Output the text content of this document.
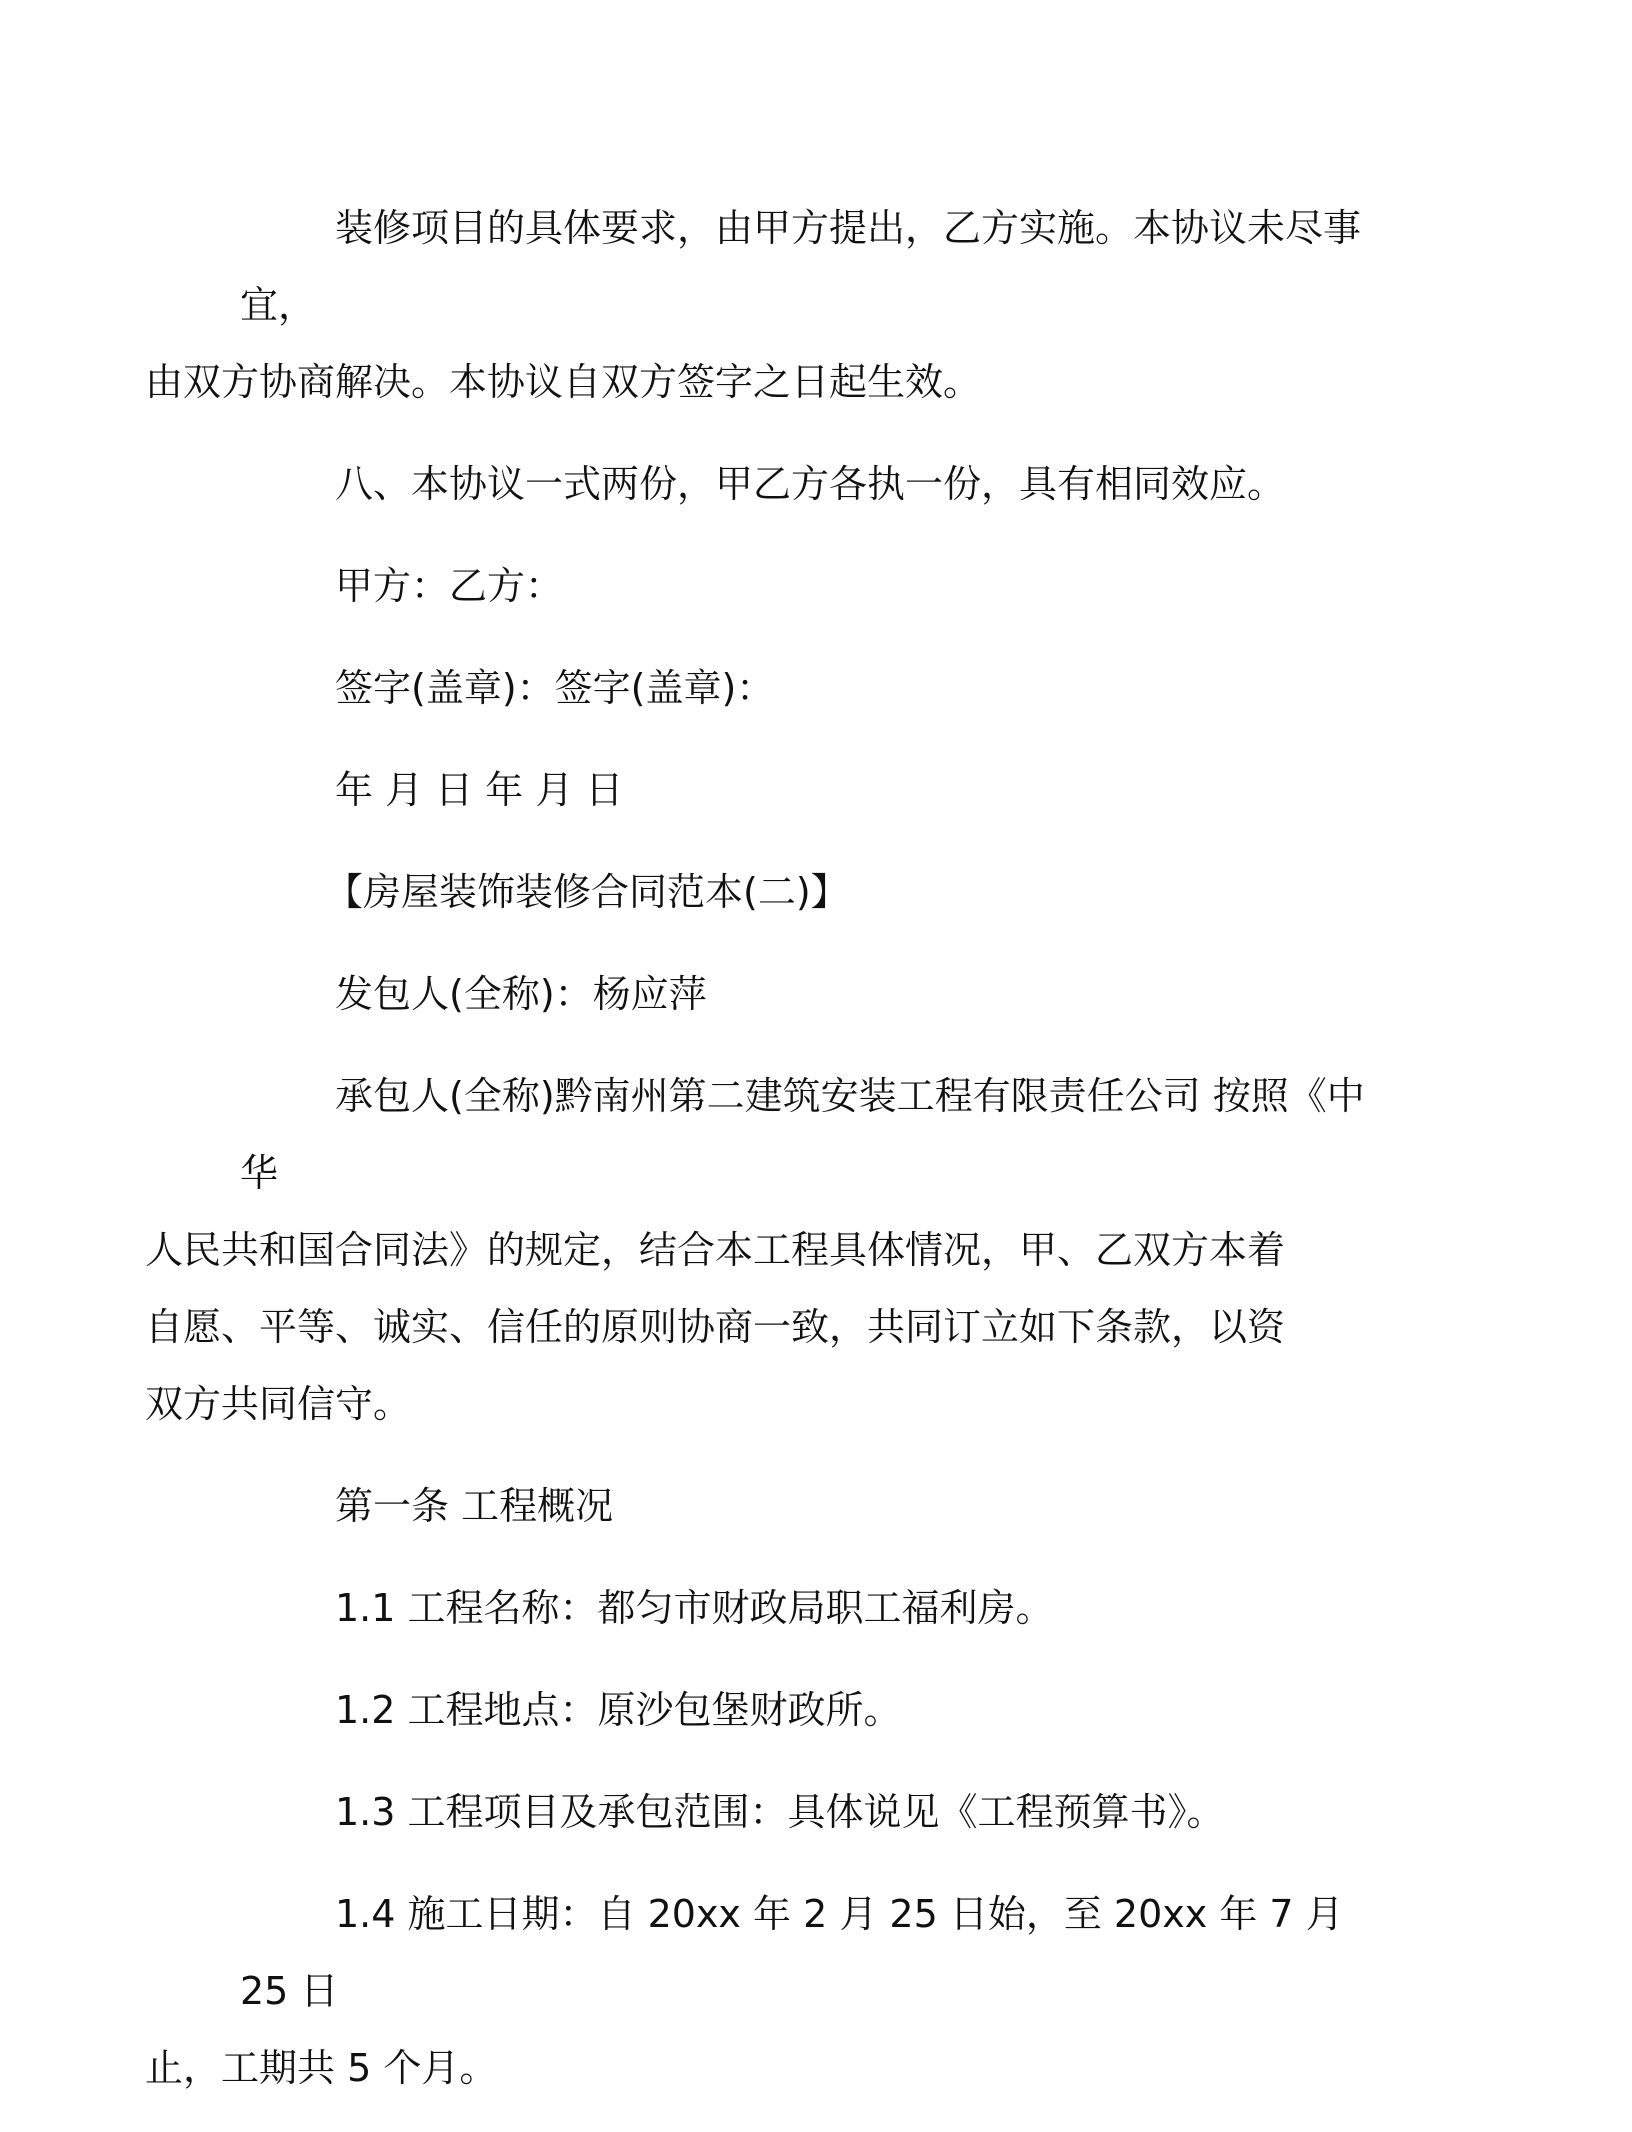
装修项目的具体要求，由甲方提出，乙方实施。本协议未尽事宜，
由双方协商解决。本协议自双方签字之日起生效。

八、本协议一式两份，甲乙方各执一份，具有相同效应。

甲方：乙方：

签字(盖章)：签字(盖章)：

年 月 日 年 月 日

【房屋装饰装修合同范本(二)】

发包人(全称)：杨应萍

承包人(全称)黔南州第二建筑安装工程有限责任公司 按照《中华
人民共和国合同法》的规定，结合本工程具体情况，甲、乙双方本着
自愿、平等、诚实、信任的原则协商一致，共同订立如下条款，以资
双方共同信守。

第一条 工程概况

1.1 工程名称：都匀市财政局职工福利房。

1.2 工程地点：原沙包堡财政所。

1.3 工程项目及承包范围：具体说见《工程预算书》。

1.4 施工日期：自 20xx 年 2 月 25 日始，至 20xx 年 7 月 25 日
止，工期共 5 个月。
